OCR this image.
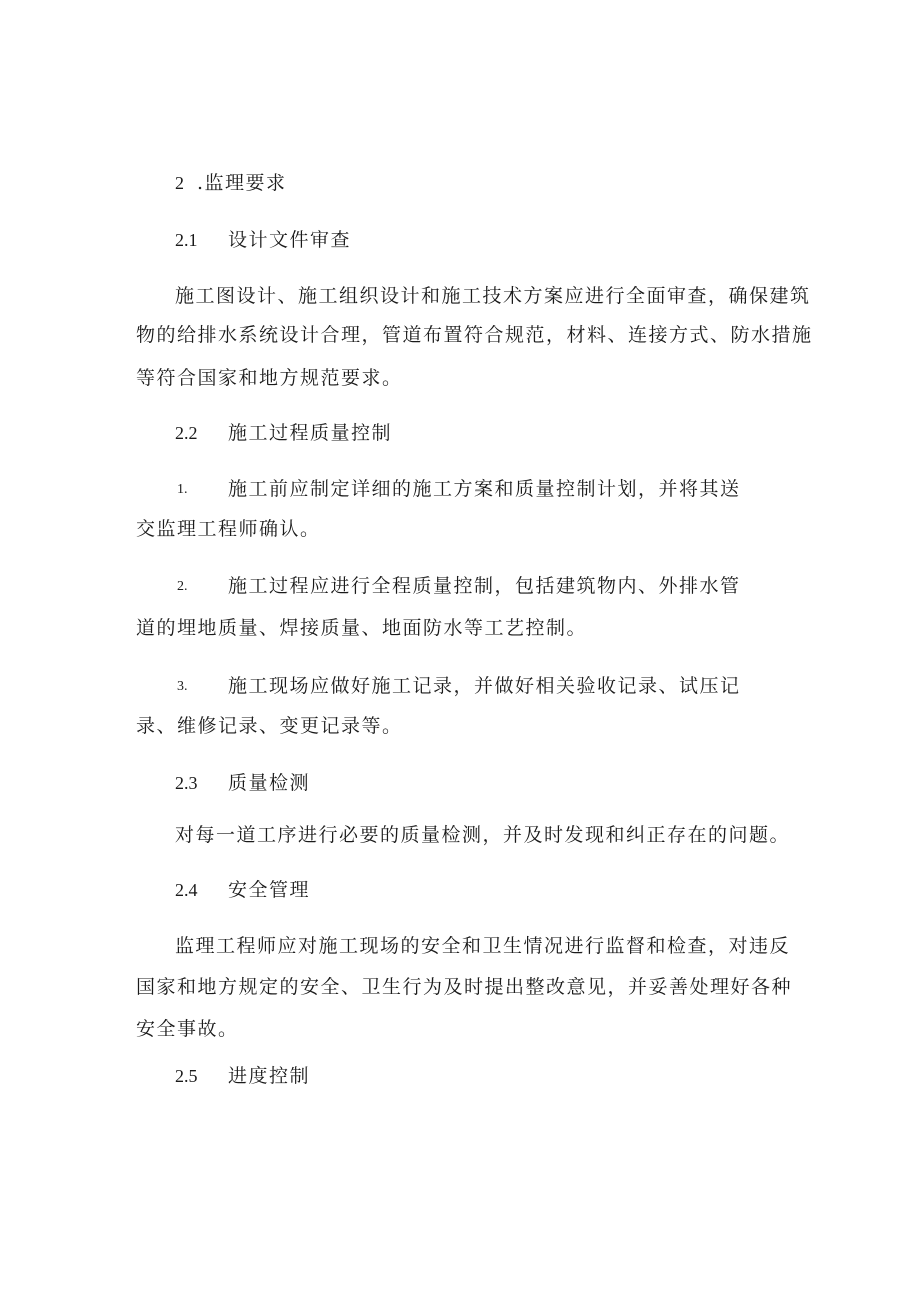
2 .监理要求
2.1 设计文件审查
施工图设计、施工组织设计和施工技术方案应进行全面审查，确保建筑
物的给排水系统设计合理，管道布置符合规范，材料、连接方式、防水措施
等符合国家和地方规范要求。
2.2 施工过程质量控制
1. 施工前应制定详细的施工方案和质量控制计划，并将其送
交监理工程师确认。
2. 施工过程应进行全程质量控制，包括建筑物内、外排水管
道的埋地质量、焊接质量、地面防水等工艺控制。
3. 施工现场应做好施工记录，并做好相关验收记录、试压记
录、维修记录、变更记录等。
2.3 质量检测
对每一道工序进行必要的质量检测，并及时发现和纠正存在的问题。
2.4 安全管理
监理工程师应对施工现场的安全和卫生情况进行监督和检查，对违反
国家和地方规定的安全、卫生行为及时提出整改意见，并妥善处理好各种
安全事故。
2.5 进度控制
